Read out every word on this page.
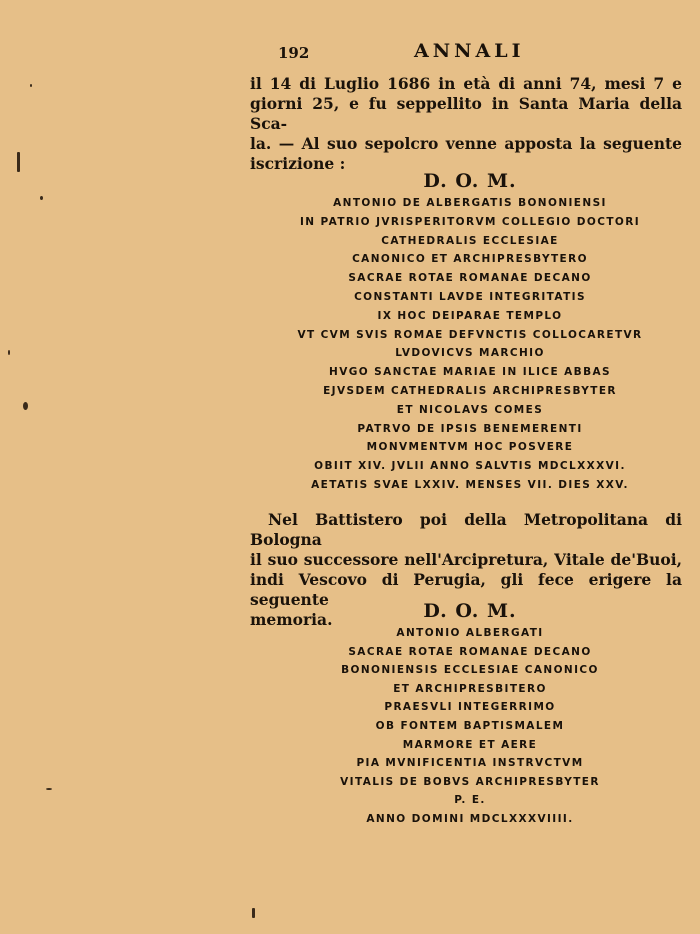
192	ANNALI

il 14 di Luglio 1686 in età di anni 74, mesi 7 e
giorni 25, e fu seppellito in Santa Maria della Sca-
la. — Al suo sepolcro venne apposta la seguente
iscrizione :

D. O. M.
ANTONIO DE ALBERGATIS BONONIENSI
IN PATRIO JVRISPERITORVM COLLEGIO DOCTORI
CATHEDRALIS ECCLESIAE
CANONICO ET ARCHIPRESBYTERO
SACRAE ROTAE ROMANAE DECANO
CONSTANTI LAVDE INTEGRITATIS
IX HOC DEIPARAE TEMPLO
VT CVM SVIS ROMAE DEFVNCTIS COLLOCARETVR
LVDOVICVS MARCHIO
HVGO SANCTAE MARIAE IN ILICE ABBAS
EJVSDEM CATHEDRALIS ARCHIPRESBYTER
ET NICOLAVS COMES
PATRVO DE IPSIS BENEMERENTI
MONVMENTVM HOC POSVERE
OBIIT XIV. JVLII ANNO SALVTIS MDCLXXXVI.
AETATIS SVAE LXXIV. MENSES VII. DIES XXV.

Nel Battistero poi della Metropolitana di Bologna
il suo successore nell'Arcipretura, Vitale de'Buoi,
indi Vescovo di Perugia, gli fece erigere la seguente
memoria.	D. O. M.
ANTONIO ALBERGATI
SACRAE ROTAE ROMANAE DECANO
BONONIENSIS ECCLESIAE CANONICO
ET ARCHIPRESBITERO
PRAESVLI INTEGERRIMO
OB FONTEM BAPTISMALEM
MARMORE ET AERE
PIA MVNIFICENTIA INSTRVCTVM
VITALIS DE BOBVS ARCHIPRESBYTER
P. E.
ANNO DOMINI MDCLXXXVIIII.
